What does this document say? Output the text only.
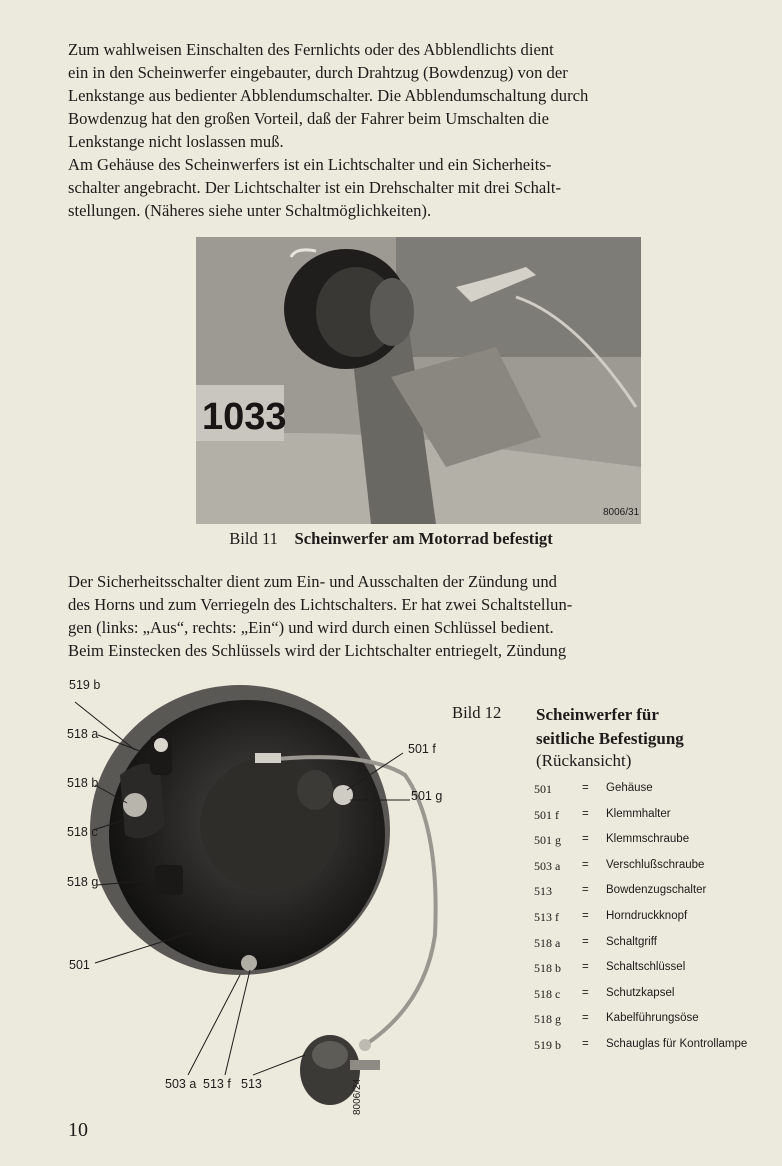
Zum wahlweisen Einschalten des Fernlichts oder des Abblendlichts dient
ein in den Scheinwerfer eingebauter, durch Drahtzug (Bowdenzug) von der
Lenkstange aus bedienter Abblendumschalter. Die Abblendumschaltung durch
Bowdenzug hat den großen Vorteil, daß der Fahrer beim Umschalten die
Lenkstange nicht loslassen muß.
Am Gehäuse des Scheinwerfers ist ein Lichtschalter und ein Sicherheits-
schalter angebracht. Der Lichtschalter ist ein Drehschalter mit drei Schalt-
stellungen. (Näheres siehe unter Schaltmöglichkeiten).
1033
8006/31
Bild 11 Scheinwerfer am Motorrad befestigt
Der Sicherheitsschalter dient zum Ein- und Ausschalten der Zündung und
des Horns und zum Verriegeln des Lichtschalters. Er hat zwei Schaltstellun-
gen (links: „Aus“, rechts: „Ein“) und wird durch einen Schlüssel bedient.
Beim Einstecken des Schlüssels wird der Lichtschalter entriegelt, Zündung
8006/24
519 b
518 a
518 b
518 c
518 g
501
501 f
501 g
503 a 513 f 513
Bild 12 Scheinwerfer für
seitliche Befestigung
(Rückansicht)
501	= Gehäuse
501 f = Klemmhalter
501 g = Klemmschraube
503 a = Verschlußschraube
513	= Bowdenzugschalter
513 f = Horndruckknopf
518 a = Schaltgriff
518 b = Schaltschlüssel
518 c = Schutzkapsel
518 g = Kabelführungsöse
519 b = Schauglas für Kontrollampe
10
